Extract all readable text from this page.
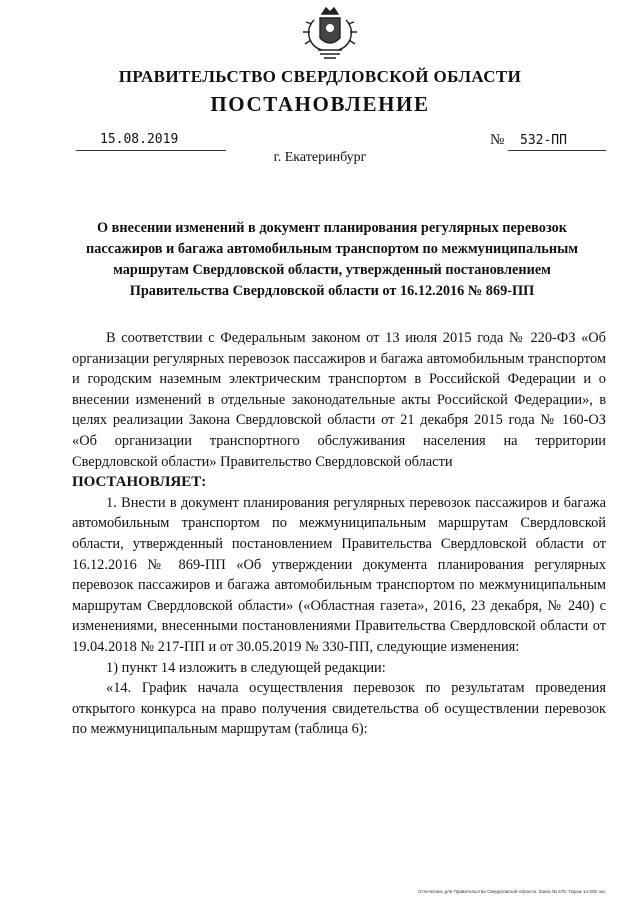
ПРАВИТЕЛЬСТВО СВЕРДЛОВСКОЙ ОБЛАСТИ
ПОСТАНОВЛЕНИЕ
15.08.2019	№ 532-ПП
г. Екатеринбург
О внесении изменений в документ планирования регулярных перевозок пассажиров и багажа автомобильным транспортом по межмуниципальным маршрутам Свердловской области, утвержденный постановлением Правительства Свердловской области от 16.12.2016 № 869-ПП

В соответствии с Федеральным законом от 13 июля 2015 года № 220-ФЗ «Об организации регулярных перевозок пассажиров и багажа автомобильным транспортом и городским наземным электрическим транспортом в Российской Федерации и о внесении изменений в отдельные законодательные акты Российской Федерации», в целях реализации Закона Свердловской области от 21 декабря 2015 года № 160-ОЗ «Об организации транспортного обслуживания населения на территории Свердловской области» Правительство Свердловской области

ПОСТАНОВЛЯЕТ:

1. Внести в документ планирования регулярных перевозок пассажиров и багажа автомобильным транспортом по межмуниципальным маршрутам Свердловской области, утвержденный постановлением Правительства Свердловской области от 16.12.2016 № 869-ПП «Об утверждении документа планирования регулярных перевозок пассажиров и багажа автомобильным транспортом по межмуниципальным маршрутам Свердловской области» («Областная газета», 2016, 23 декабря, № 240) с изменениями, внесенными постановлениями Правительства Свердловской области от 19.04.2018 № 217-ПП и от 30.05.2019 № 330-ПП, следующие изменения:

1) пункт 14 изложить в следующей редакции:

«14. График начала осуществления перевозок по результатам проведения открытого конкурса на право получения свидетельства об осуществлении перевозок по межмуниципальным маршрутам (таблица 6):

Отпечатано для Правительства Свердловской области. Заказ № 578. Тираж 14 000 экз.
